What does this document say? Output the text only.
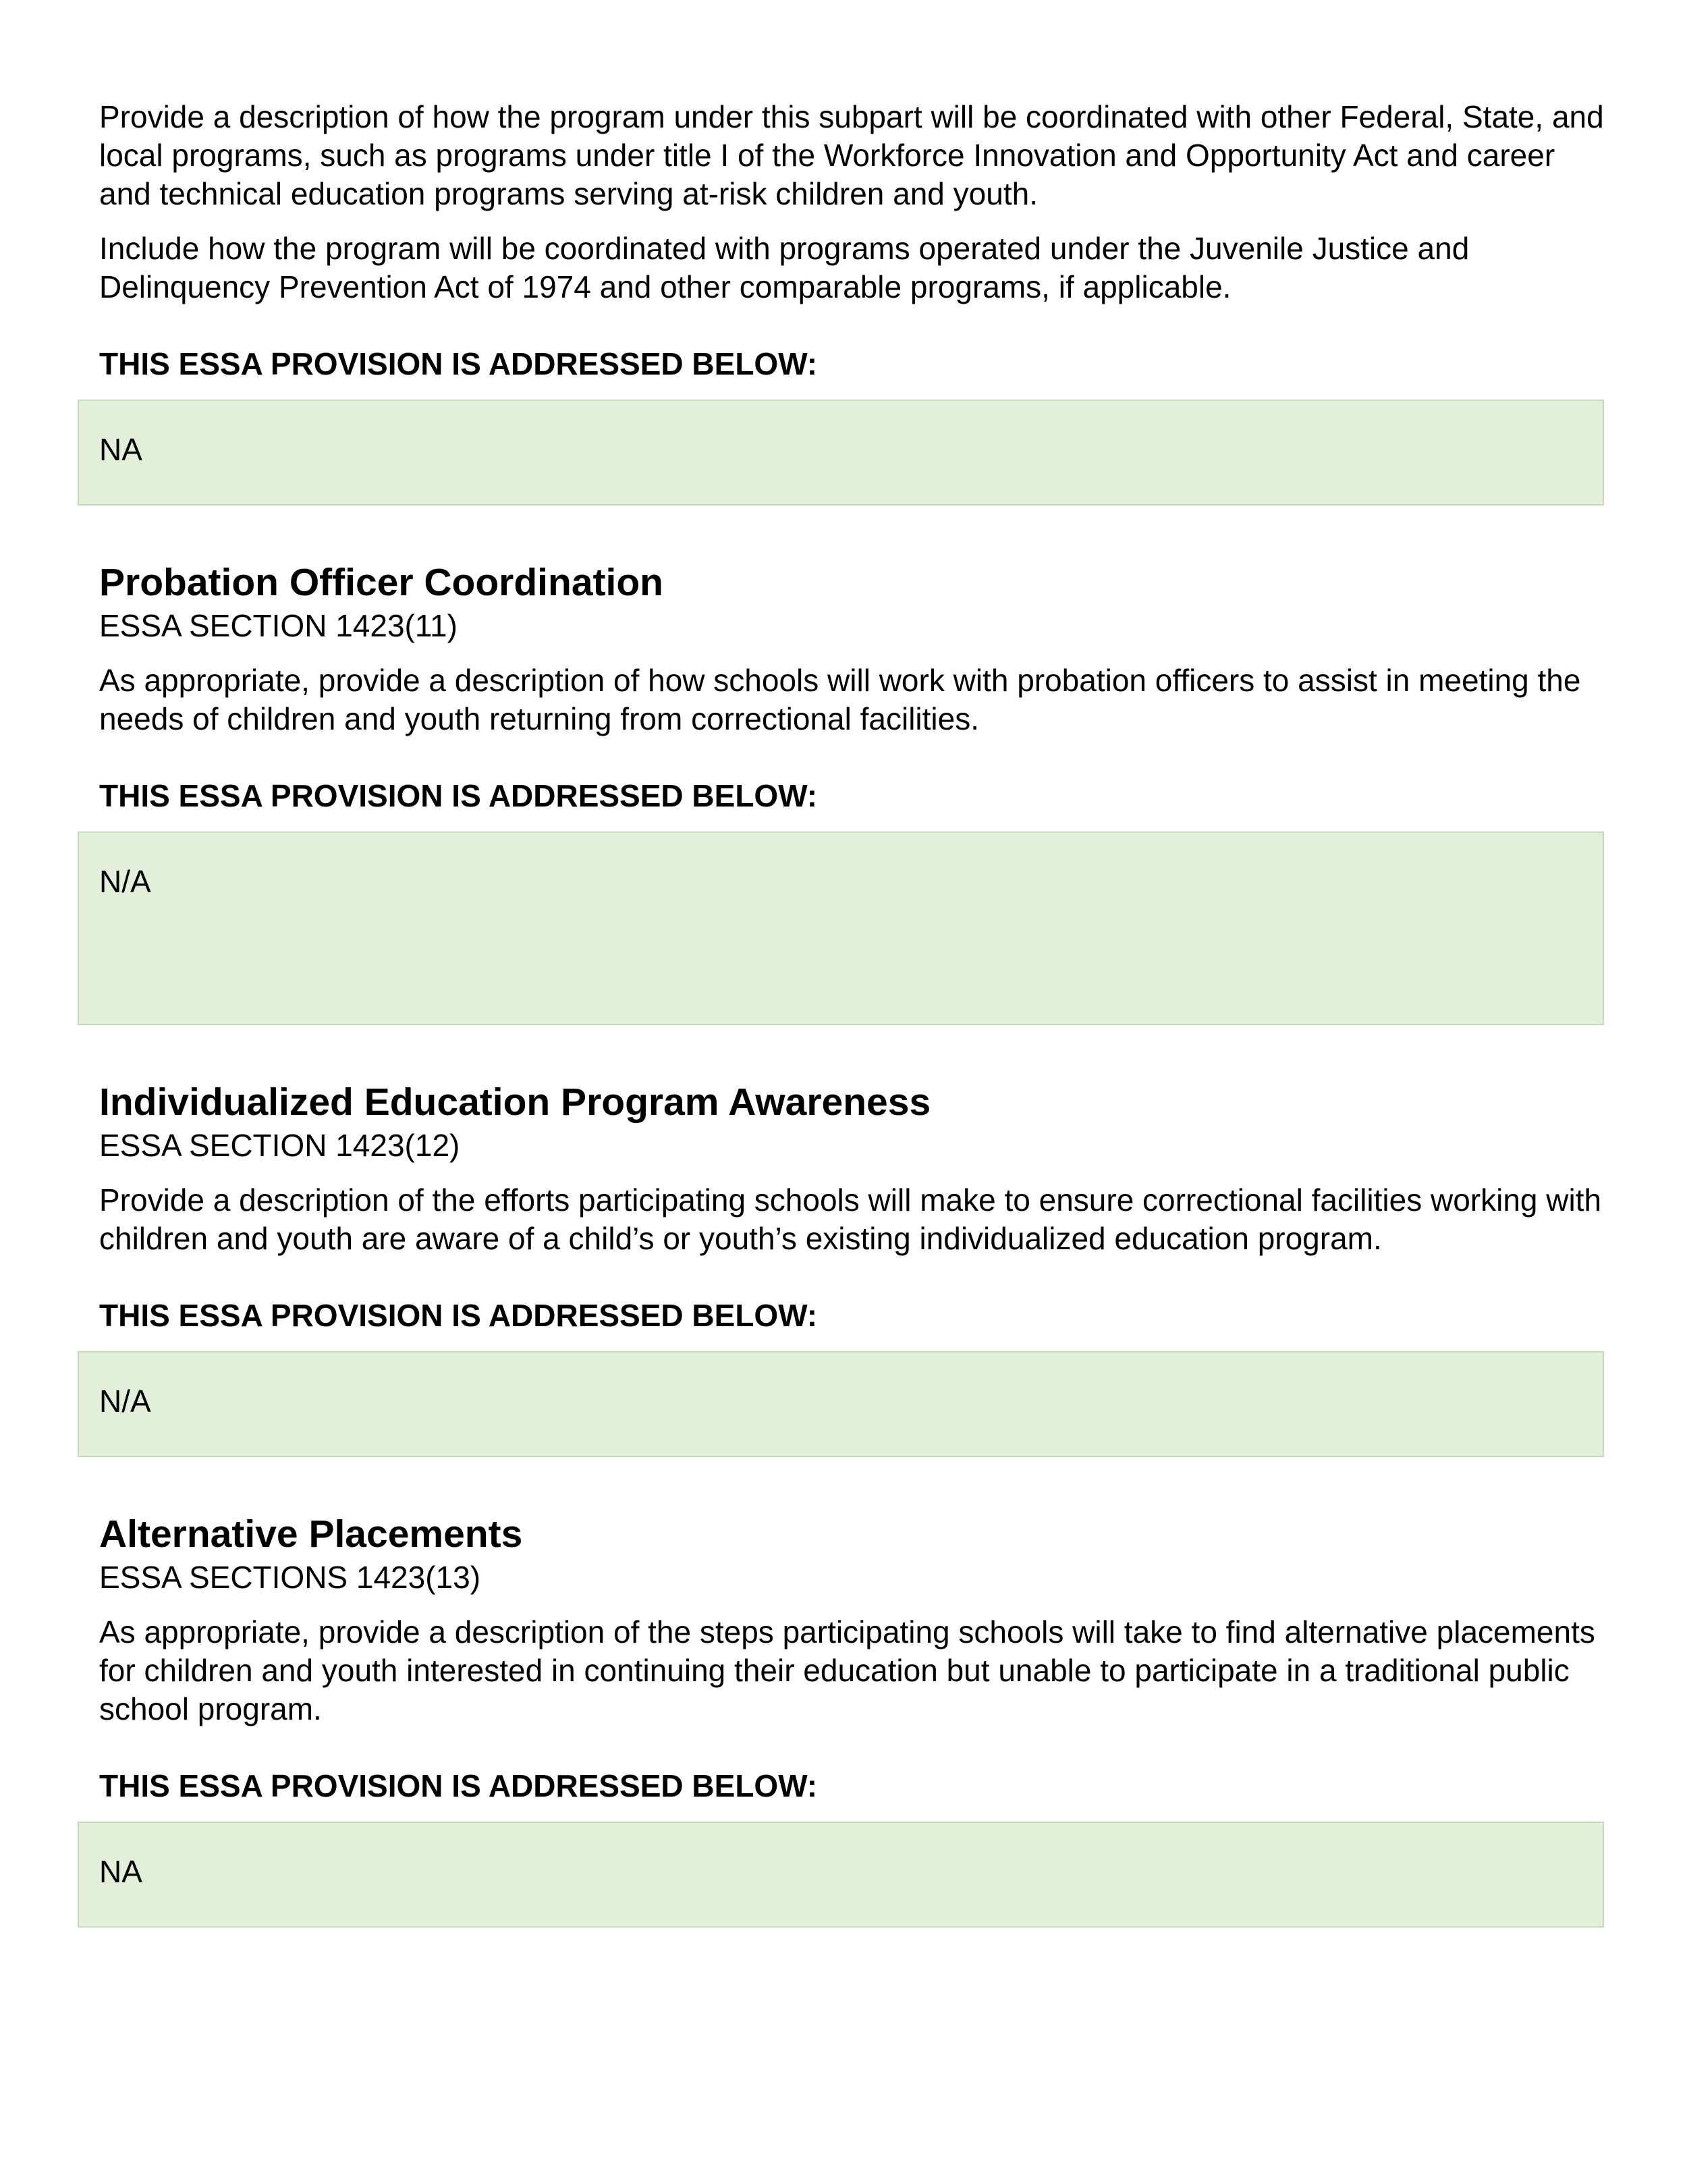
Provide a description of how the program under this subpart will be coordinated with other Federal, State, and local programs, such as programs under title I of the Workforce Innovation and Opportunity Act and career and technical education programs serving at-risk children and youth.

Include how the program will be coordinated with programs operated under the Juvenile Justice and Delinquency Prevention Act of 1974 and other comparable programs, if applicable.

THIS ESSA PROVISION IS ADDRESSED BELOW:
NA
Probation Officer Coordination
ESSA SECTION 1423(11)

As appropriate, provide a description of how schools will work with probation officers to assist in meeting the needs of children and youth returning from correctional facilities.

THIS ESSA PROVISION IS ADDRESSED BELOW:
N/A
Individualized Education Program Awareness
ESSA SECTION 1423(12)

Provide a description of the efforts participating schools will make to ensure correctional facilities working with children and youth are aware of a child’s or youth’s existing individualized education program.

THIS ESSA PROVISION IS ADDRESSED BELOW:
N/A
Alternative Placements
ESSA SECTIONS 1423(13)

As appropriate, provide a description of the steps participating schools will take to find alternative placements for children and youth interested in continuing their education but unable to participate in a traditional public school program.

THIS ESSA PROVISION IS ADDRESSED BELOW:
NA
